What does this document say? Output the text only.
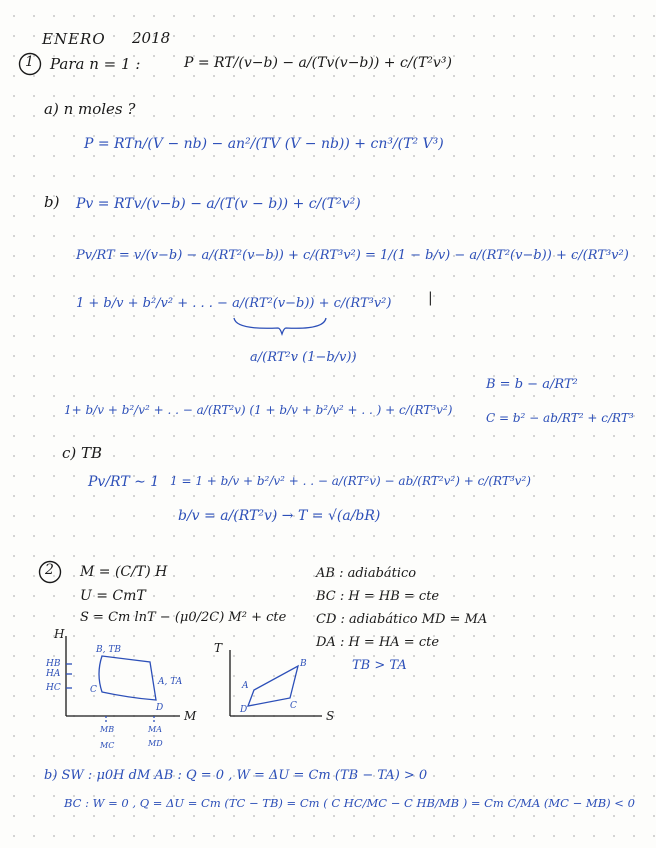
ENERO 2018
1 Para n = 1 :	P = RT/(v−b) − a/(Tv(v−b)) + c/(T²v³)
a) n moles ?
P = RTn/(V − nb) − an²/(TV (V − nb)) + cn³/(T² V³)
b) Pv = RTv/(v−b) − a/(T(v − b)) + c/(T²v²)
Pv/RT = v/(v−b) − a/(RT²(v−b)) + c/(RT³v²) = 1/(1 − b/v) − a/(RT²(v−b)) + c/(RT³v²)
1 + b/v + b²/v² + . . . − a/(RT²(v−b)) + c/(RT³v²)	|
a/(RT²v (1−b/v))
B = b − a/RT²
1+ b/v + b²/v² + . . − a/(RT²v) (1 + b/v + b²/v² + . . ) + c/(RT³v²)
C = b² − ab/RT² + c/RT³
c) TB
Pv/RT ∼ 1 1 = 1 + b/v + b²/v² + . . − a/(RT²v) − ab/(RT²v²) + c/(RT³v²)
b/v = a/(RT²v) → T = √(a/bR)
2 M = (C/T) H
U = CmT
S = Cm lnT − (μ0/2C) M² + cte
AB : adiabático
BC : H = HB = cte
CD : adiabático MD = MA
DA : H = HA = cte
TB > TA
H
M
HB
HA
HC
B, TB
C
A, TA
D
MB
MC
MA
MD
T
S
A
B
C
D
b) SW : μ0H dM AB : Q = 0 , W = ΔU = Cm (TB − TA) > 0
BC : W = 0 , Q = ΔU = Cm (TC − TB) = Cm ( C HC/MC − C HB/MB ) = Cm C/MA (MC − MB) < 0
